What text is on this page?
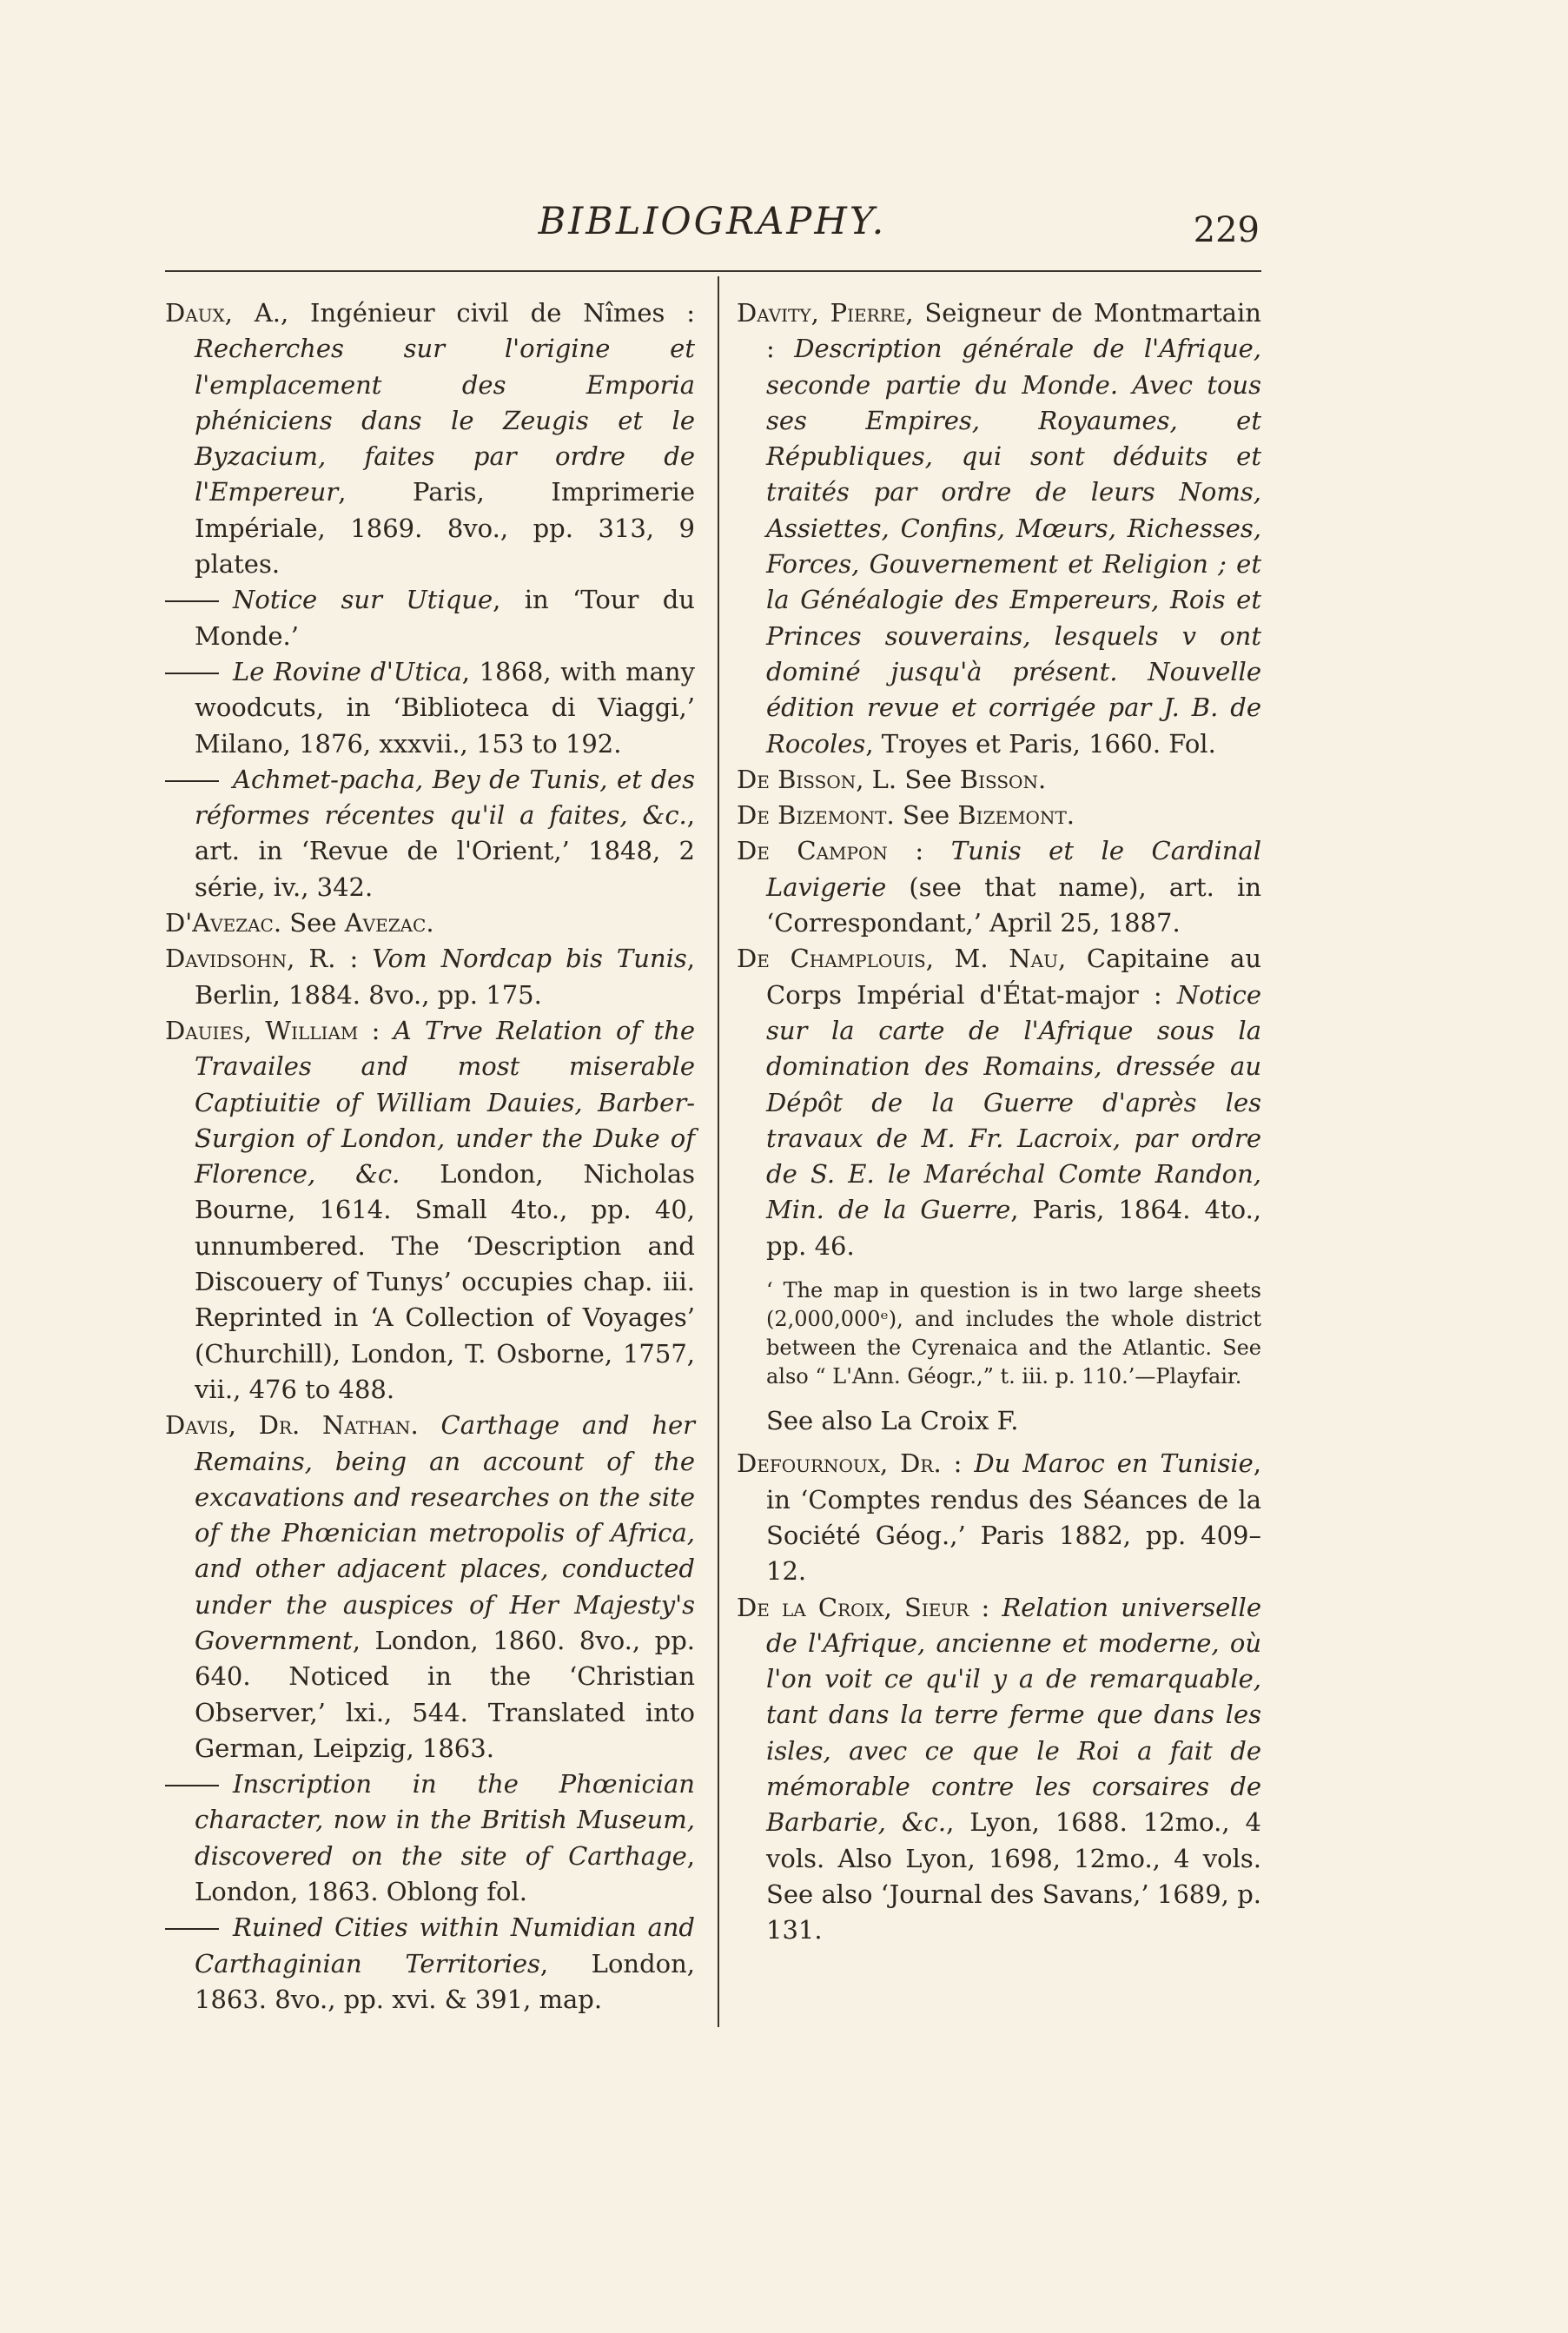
BIBLIOGRAPHY.	229

Daux, A., Ingénieur civil de Nîmes : Recherches sur l'origine et l'emplacement des Emporia phéniciens dans le Zeugis et le Byzacium, faites par ordre de l'Empereur, Paris, Imprimerie Impériale, 1869. 8vo., pp. 313, 9 plates.

Notice sur Utique, in ‘Tour du Monde.’

Le Rovine d'Utica, 1868, with many woodcuts, in ‘Biblioteca di Viaggi,’ Milano, 1876, xxxvii., 153 to 192.

Achmet-pacha, Bey de Tunis, et des réformes récentes qu'il a faites, &c., art. in ‘Revue de l'Orient,’ 1848, 2 série, iv., 342.

D'Avezac. See Avezac.

Davidsohn, R. : Vom Nordcap bis Tunis, Berlin, 1884. 8vo., pp. 175.

Dauies, William : A Trve Relation of the Travailes and most miserable Captiuitie of William Dauies, Barber-Surgion of London, under the Duke of Florence, &c. London, Nicholas Bourne, 1614. Small 4to., pp. 40, unnumbered. The ‘Description and Discouery of Tunys’ occupies chap. iii. Reprinted in ‘A Collection of Voyages’ (Churchill), London, T. Osborne, 1757, vii., 476 to 488.

Davis, Dr. Nathan. Carthage and her Remains, being an account of the excavations and researches on the site of the Phœnician metropolis of Africa, and other adjacent places, conducted under the auspices of Her Majesty's Government, London, 1860. 8vo., pp. 640. Noticed in the ‘Christian Observer,’ lxi., 544. Translated into German, Leipzig, 1863.

Inscription in the Phœnician character, now in the British Museum, discovered on the site of Carthage, London, 1863. Oblong fol.

Ruined Cities within Numidian and Carthaginian Territories, London, 1863. 8vo., pp. xvi. & 391, map.

Davity, Pierre, Seigneur de Montmartain : Description générale de l'Afrique, seconde partie du Monde. Avec tous ses Empires, Royaumes, et Républiques, qui sont déduits et traités par ordre de leurs Noms, Assiettes, Confins, Mœurs, Richesses, Forces, Gouvernement et Religion ; et la Généalogie des Empereurs, Rois et Princes souverains, lesquels v ont dominé jusqu'à présent. Nouvelle édition revue et corrigée par J. B. de Rocoles, Troyes et Paris, 1660. Fol.

De Bisson, L. See Bisson.

De Bizemont. See Bizemont.

De Campon : Tunis et le Cardinal Lavigerie (see that name), art. in ‘Correspondant,’ April 25, 1887.

De Champlouis, M. Nau, Capitaine au Corps Impérial d'État-major : Notice sur la carte de l'Afrique sous la domination des Romains, dressée au Dépôt de la Guerre d'après les travaux de M. Fr. Lacroix, par ordre de S. E. le Maréchal Comte Randon, Min. de la Guerre, Paris, 1864. 4to., pp. 46.

‘ The map in question is in two large sheets (2,000,000ᵉ), and includes the whole district between the Cyrenaica and the Atlantic. See also “ L'Ann. Géogr.,” t. iii. p. 110.’—Playfair.

See also La Croix F.

Defournoux, Dr. : Du Maroc en Tunisie, in ‘Comptes rendus des Séances de la Société Géog.,’ Paris 1882, pp. 409–12.

De la Croix, Sieur : Relation universelle de l'Afrique, ancienne et moderne, où l'on voit ce qu'il y a de remarquable, tant dans la terre ferme que dans les isles, avec ce que le Roi a fait de mémorable contre les corsaires de Barbarie, &c., Lyon, 1688. 12mo., 4 vols. Also Lyon, 1698, 12mo., 4 vols. See also ‘Journal des Savans,’ 1689, p. 131.
